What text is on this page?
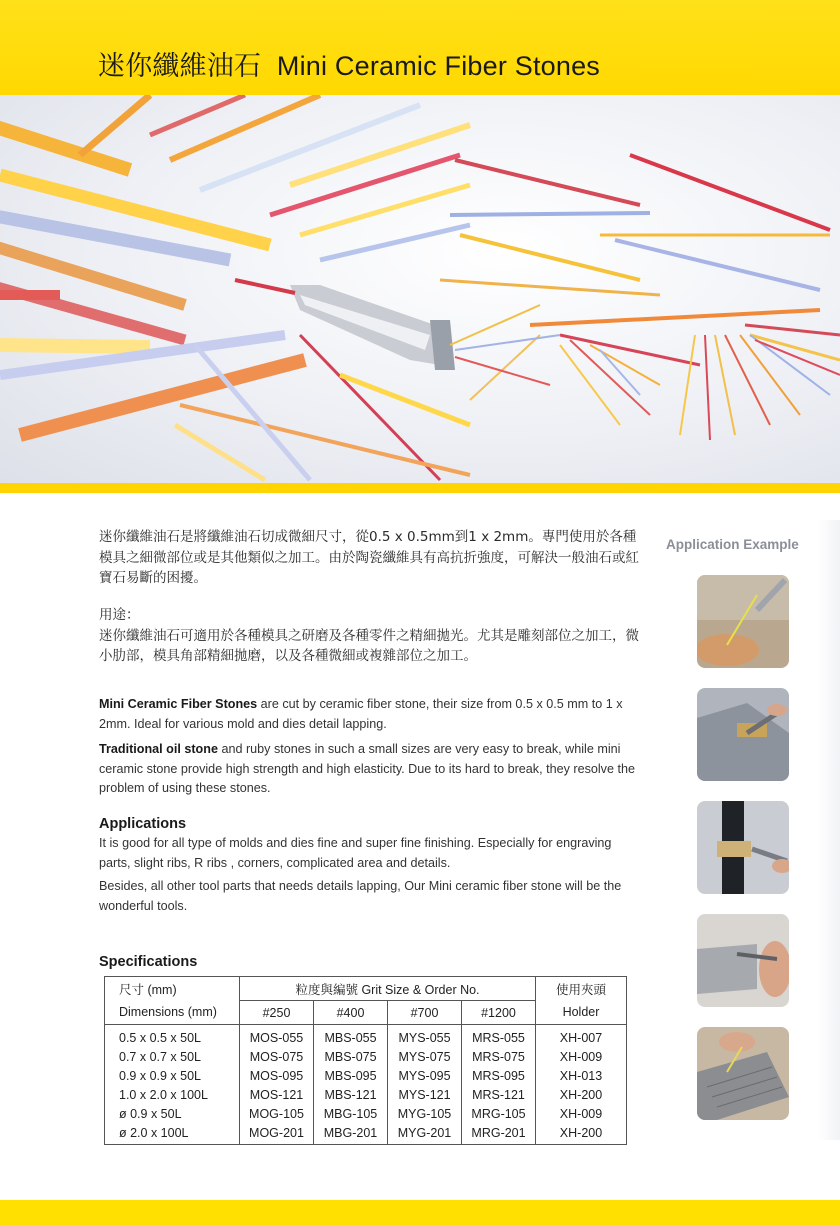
迷你纖維油石 Mini Ceramic Fiber Stones
迷你纖維油石是將纖維油石切成微細尺寸，從0.5 x 0.5mm到1 x 2mm。專門使用於各種模具之細微部位或是其他類似之加工。由於陶瓷纖維具有高抗折強度，可解決一般油石或紅寶石易斷的困擾。
用途：
迷你纖維油石可適用於各種模具之研磨及各種零件之精細拋光。尤其是雕刻部位之加工，微小肋部，模具角部精細拋磨，以及各種微細或複雜部位之加工。
Mini Ceramic Fiber Stones are cut by ceramic fiber stone, their size from 0.5 x 0.5 mm to 1 x 2mm. Ideal for various mold and dies detail lapping.
Traditional oil stone and ruby stones in such a small sizes are very easy to break, while mini ceramic stone provide high strength and high elasticity. Due to its hard to break, they resolve the problem of using these stones.
Applications
It is good for all type of molds and dies fine and super fine finishing. Especially for engraving parts, slight ribs, R ribs , corners, complicated area and details.
Besides, all other tool parts that needs details lapping, Our Mini ceramic fiber stone will be the wonderful tools.
Application Example
Specifications
尺寸 (mm)	粒度與編號 Grit Size & Order No.				使用夾頭
Dimensions (mm)	#250	#400	#700	#1200	Holder
0.5 x 0.5 x 50L	MOS-055	MBS-055	MYS-055	MRS-055	XH-007
0.7 x 0.7 x 50L	MOS-075	MBS-075	MYS-075	MRS-075	XH-009
0.9 x 0.9 x 50L	MOS-095	MBS-095	MYS-095	MRS-095	XH-013
1.0 x 2.0 x 100L	MOS-121	MBS-121	MYS-121	MRS-121	XH-200
ø 0.9 x 50L	MOG-105	MBG-105	MYG-105	MRG-105	XH-009
ø 2.0 x 100L	MOG-201	MBG-201	MYG-201	MRG-201	XH-200
